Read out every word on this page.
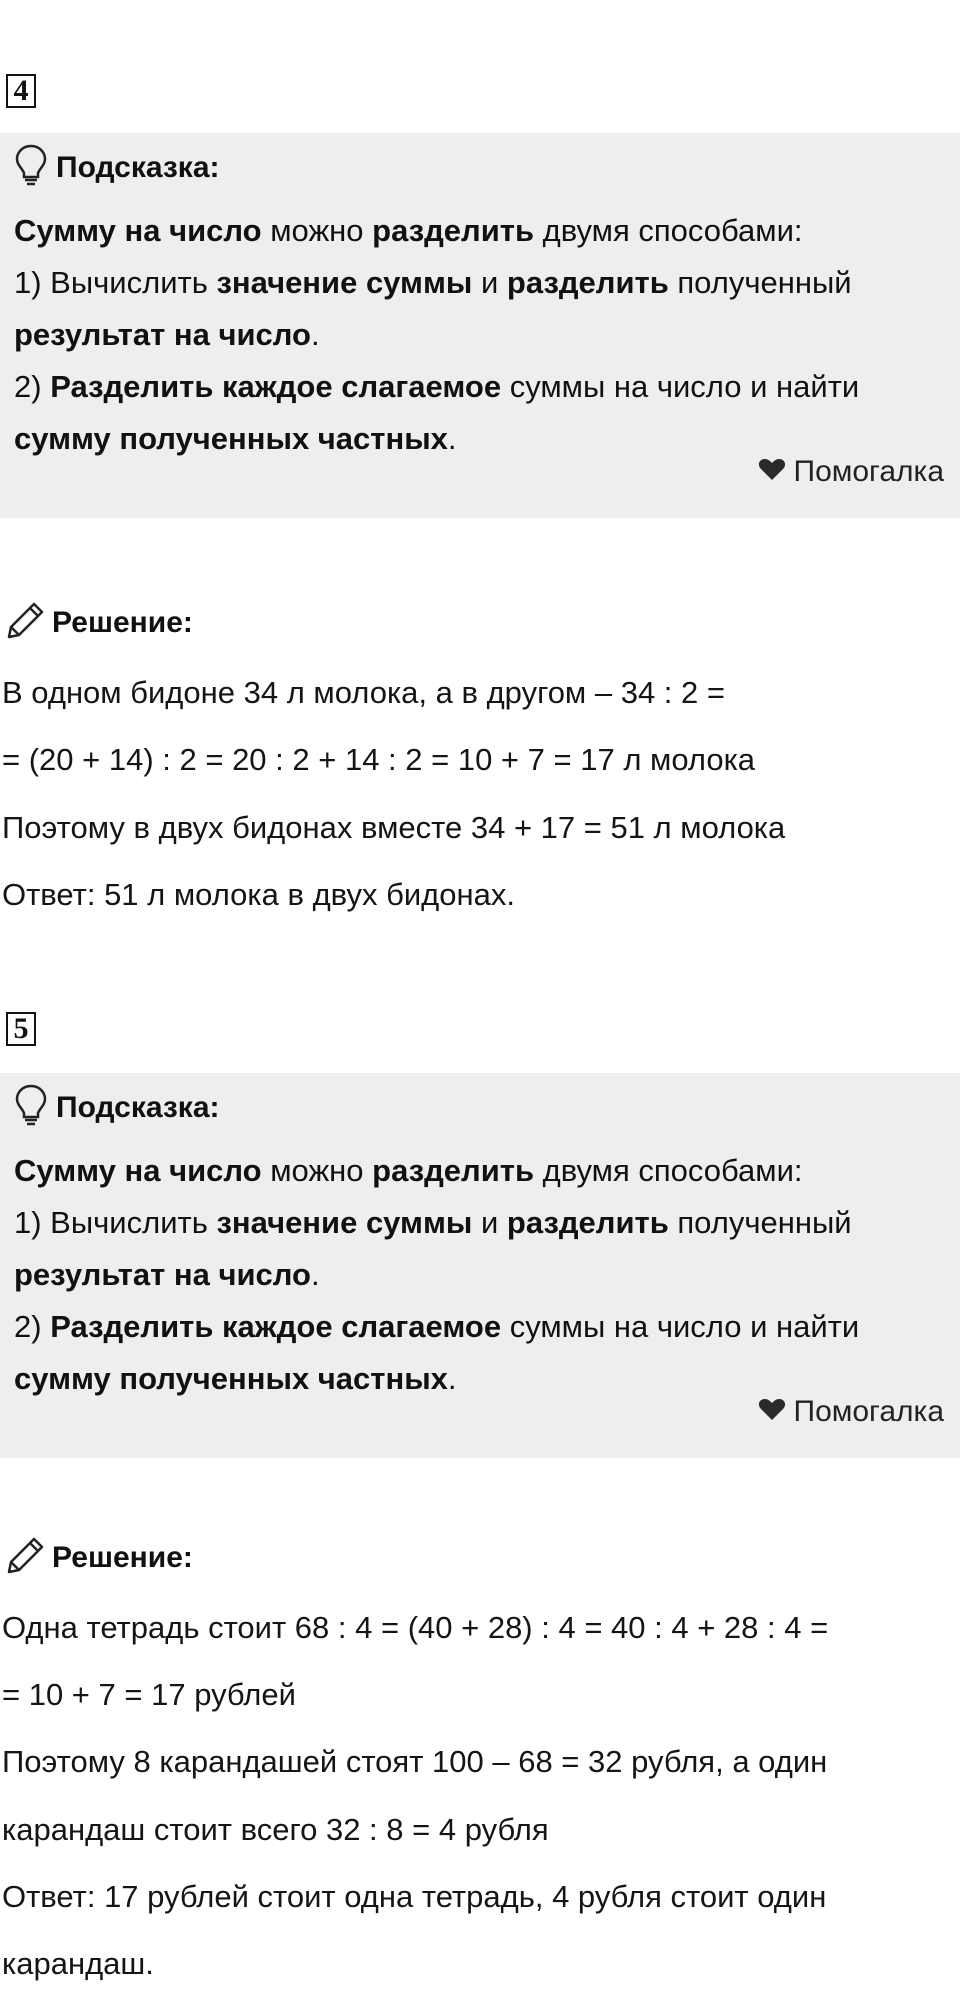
4
Подсказка:

Сумму на число можно разделить двумя способами:

1) Вычислить значение суммы и разделить полученный

результат на число.

2) Разделить каждое слагаемое суммы на число и найти

сумму полученных частных.

Помогалка
Решение:
В одном бидоне 34 л молока, а в другом – 34 : 2 =
= (20 + 14) : 2 = 20 : 2 + 14 : 2 = 10 + 7 = 17 л молока
Поэтому в двух бидонах вместе 34 + 17 = 51 л молока
Ответ: 51 л молока в двух бидонах.
5
Подсказка:

Сумму на число можно разделить двумя способами:

1) Вычислить значение суммы и разделить полученный

результат на число.

2) Разделить каждое слагаемое суммы на число и найти

сумму полученных частных.

Помогалка
Решение:
Одна тетрадь стоит 68 : 4 = (40 + 28) : 4 = 40 : 4 + 28 : 4 =
= 10 + 7 = 17 рублей
Поэтому 8 карандашей стоят 100 – 68 = 32 рубля, а один
карандаш стоит всего 32 : 8 = 4 рубля
Ответ: 17 рублей стоит одна тетрадь, 4 рубля стоит один
карандаш.
